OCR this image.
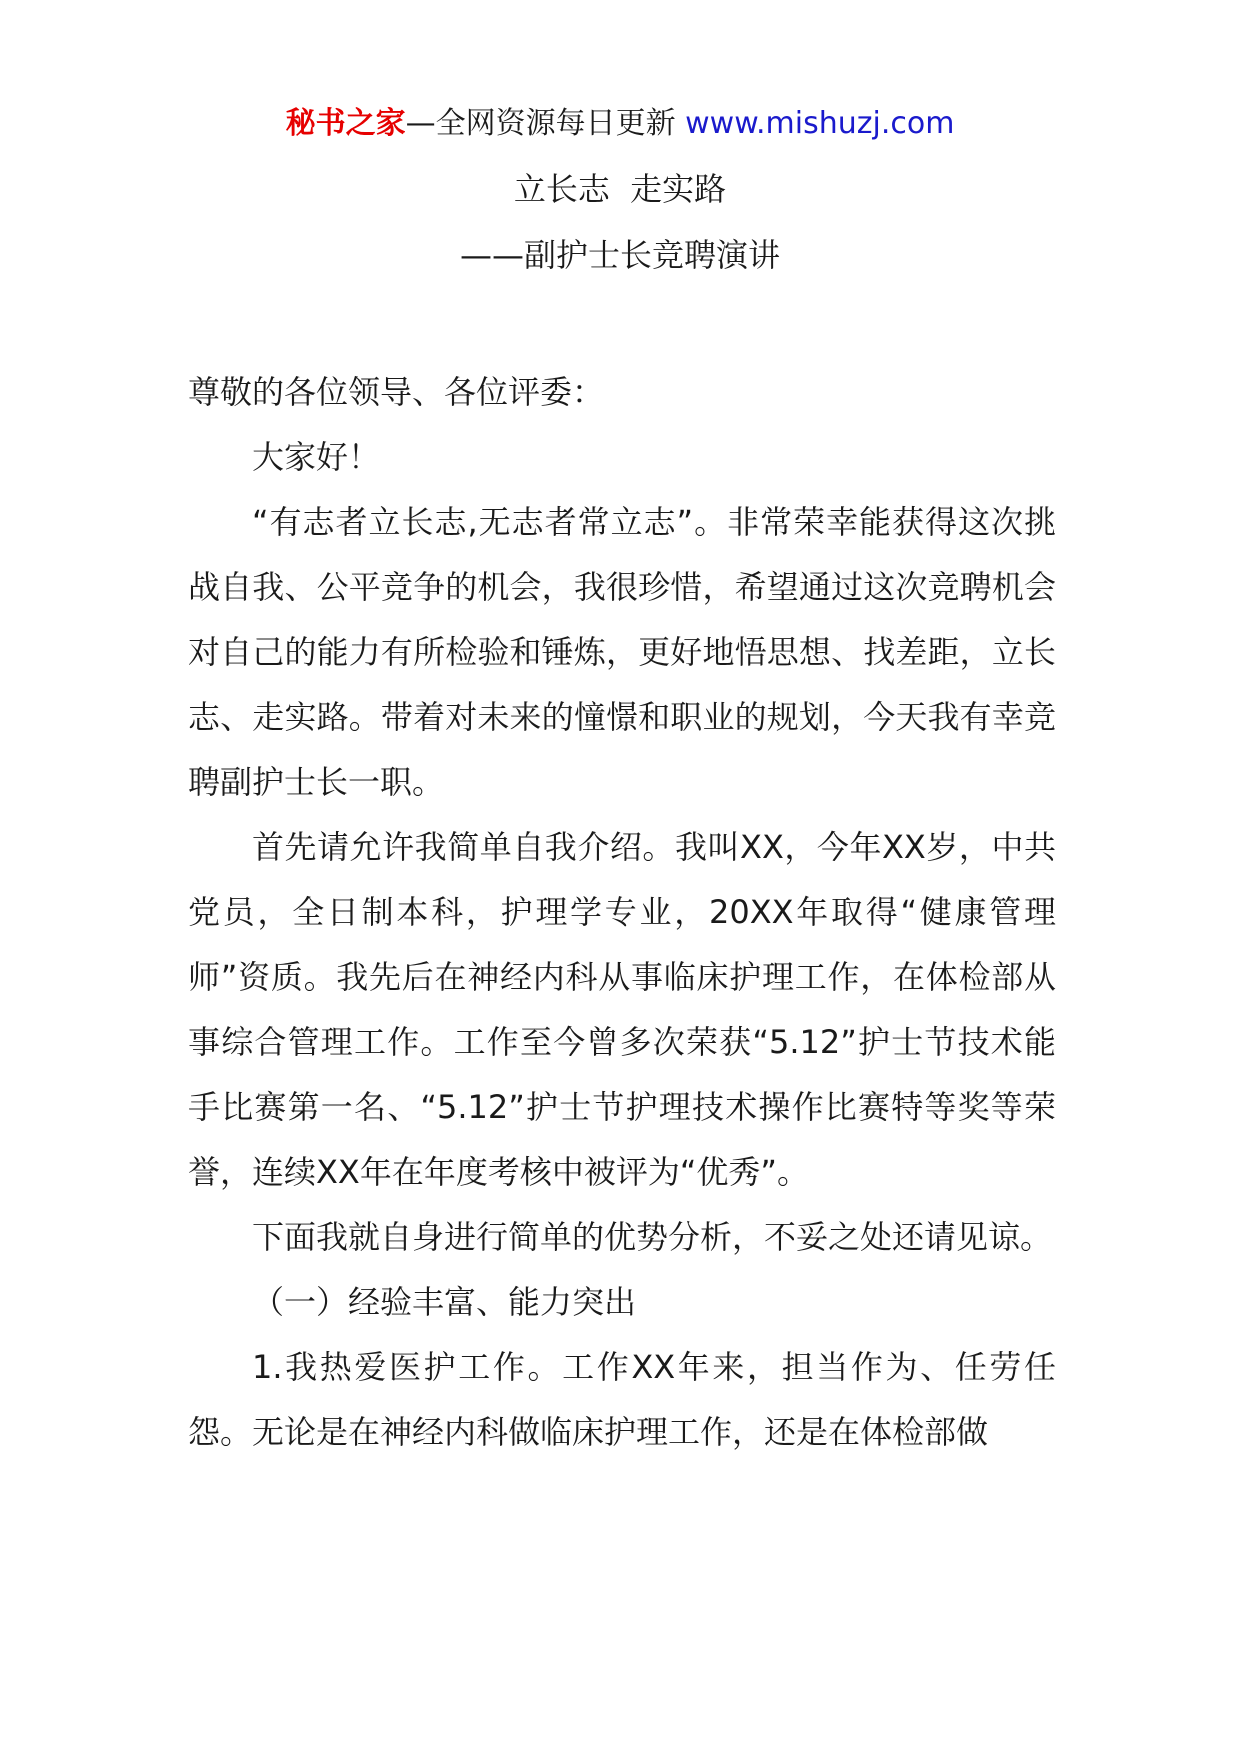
秘书之家—全网资源每日更新 www.mishuzj.com
立长志  走实路
——副护士长竞聘演讲

尊敬的各位领导、各位评委：

大家好！

“有志者立长志,无志者常立志”。非常荣幸能获得这次挑战自我、公平竞争的机会，我很珍惜，希望通过这次竞聘机会对自己的能力有所检验和锤炼，更好地悟思想、找差距，立长志、走实路。带着对未来的憧憬和职业的规划，今天我有幸竞聘副护士长一职。

首先请允许我简单自我介绍。我叫XX，今年XX岁，中共党员，全日制本科，护理学专业，20XX年取得“健康管理师”资质。我先后在神经内科从事临床护理工作，在体检部从事综合管理工作。工作至今曾多次荣获“5.12”护士节技术能手比赛第一名、“5.12”护士节护理技术操作比赛特等奖等荣誉，连续XX年在年度考核中被评为“优秀”。

下面我就自身进行简单的优势分析，不妥之处还请见谅。

（一）经验丰富、能力突出

1.我热爱医护工作。工作XX年来，担当作为、任劳任怨。无论是在神经内科做临床护理工作，还是在体检部做
